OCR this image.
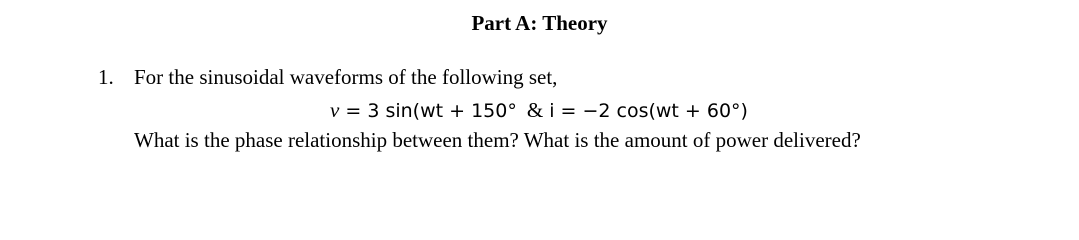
Part A: Theory
1. For the sinusoidal waveforms of the following set,
v = 3 sin(wt + 150° & i = −2 cos(wt + 60°)
What is the phase relationship between them? What is the amount of power delivered?
